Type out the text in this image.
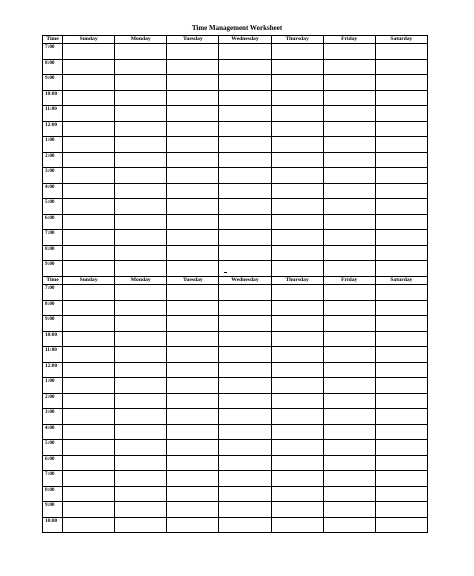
Time Management Worksheet
Time	Sunday	Monday	Tuesday	Wednesday	Thursday	Friday	Saturday
7:00							
8:00							
9:00							
10:00							
11:00							
12:00							
1:00							
2:00							
3:00							
4:00							
5:00							
6:00							
7:00							
8:00							
9:00							
Time	Sunday	Monday	Tuesday	Wednesday	Thursday	Friday	Saturday
7:00							
8:00							
9:00							
10:00							
11:00							
12:00							
1:00							
2:00							
3:00							
4:00							
5:00							
6:00							
7:00							
8:00							
9:00							
10:00							
